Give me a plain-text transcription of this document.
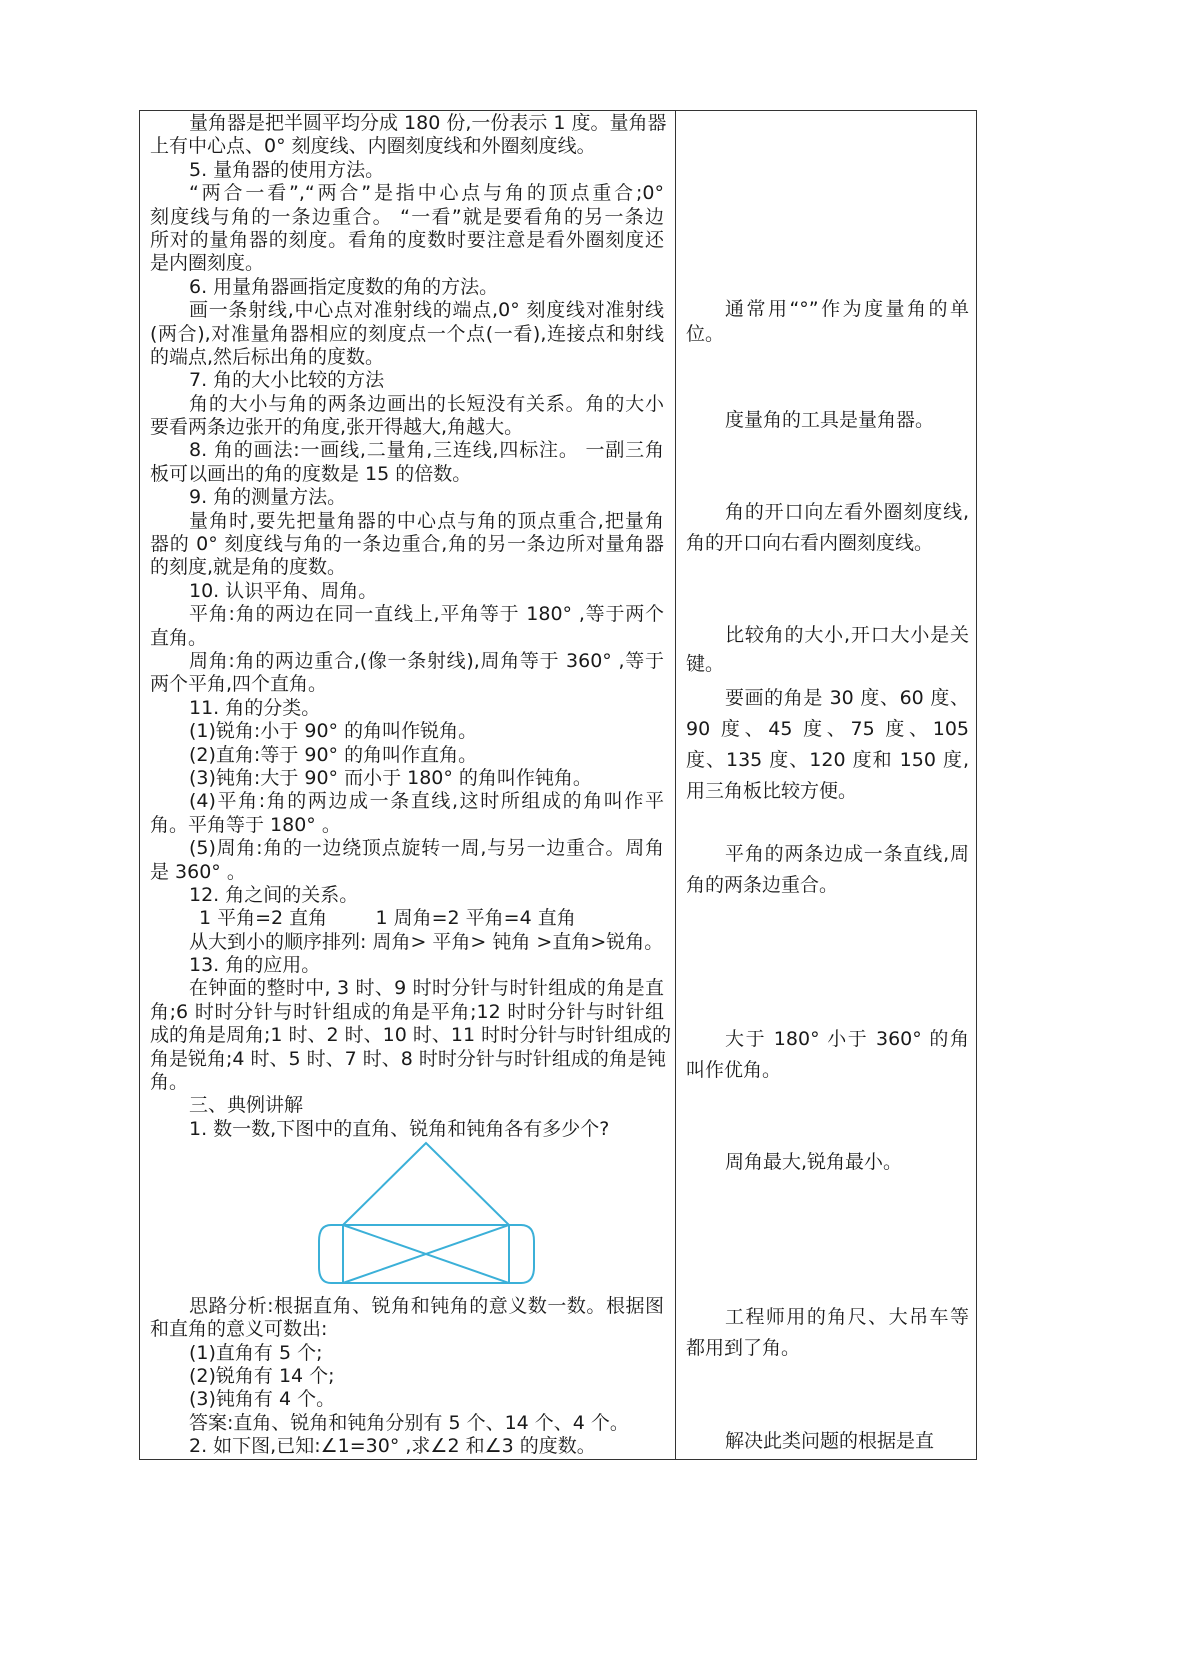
量角器是把半圆平均分成 180 份,一份表示 1 度。量角器
上有中心点、0° 刻度线、内圈刻度线和外圈刻度线。
5. 量角器的使用方法。
“两合一看”,“两合”是指中心点与角的顶点重合;0°
刻度线与角的一条边重合。 “一看”就是要看角的另一条边
所对的量角器的刻度。看角的度数时要注意是看外圈刻度还
是内圈刻度。
6. 用量角器画指定度数的角的方法。
画一条射线,中心点对准射线的端点,0° 刻度线对准射线
(两合),对准量角器相应的刻度点一个点(一看),连接点和射线
的端点,然后标出角的度数。
7. 角的大小比较的方法
角的大小与角的两条边画出的长短没有关系。角的大小
要看两条边张开的角度,张开得越大,角越大。
8. 角的画法:一画线,二量角,三连线,四标注。 一副三角
板可以画出的角的度数是 15 的倍数。
9. 角的测量方法。
量角时,要先把量角器的中心点与角的顶点重合,把量角
器的 0° 刻度线与角的一条边重合,角的另一条边所对量角器
的刻度,就是角的度数。
10. 认识平角、周角。
平角:角的两边在同一直线上,平角等于 180° ,等于两个
直角。
周角:角的两边重合,(像一条射线),周角等于 360° ,等于
两个平角,四个直角。
11. 角的分类。
(1)锐角:小于 90° 的角叫作锐角。
(2)直角:等于 90° 的角叫作直角。
(3)钝角:大于 90° 而小于 180° 的角叫作钝角。
(4)平角:角的两边成一条直线,这时所组成的角叫作平
角。平角等于 180° 。
(5)周角:角的一边绕顶点旋转一周,与另一边重合。周角
是 360° 。
12. 角之间的关系。
1 平角=2 直角        1 周角=2 平角=4 直角
从大到小的顺序排列: 周角> 平角> 钝角 >直角>锐角。
13. 角的应用。
在钟面的整时中, 3 时、9 时时分针与时针组成的角是直
角;6 时时分针与时针组成的角是平角;12 时时分针与时针组
成的角是周角;1 时、2 时、10 时、11 时时分针与时针组成的
角是锐角;4 时、5 时、7 时、8 时时分针与时针组成的角是钝
角。
三、典例讲解
1. 数一数,下图中的直角、锐角和钝角各有多少个?
思路分析:根据直角、锐角和钝角的意义数一数。根据图
和直角的意义可数出:
(1)直角有 5 个;
(2)锐角有 14 个;
(3)钝角有 4 个。
答案:直角、锐角和钝角分别有 5 个、14 个、4 个。
2. 如下图,已知:∠1=30° ,求∠2 和∠3 的度数。
通常用“°”作为度量角的单位。
度量角的工具是量角器。
角的开口向左看外圈刻度线,角的开口向右看内圈刻度线。
比较角的大小,开口大小是关键。
要画的角是 30 度、60 度、90 度、45 度、75 度、105 度、135 度、120 度和 150 度,用三角板比较方便。
平角的两条边成一条直线,周角的两条边重合。
大于 180° 小于 360° 的角叫作优角。
周角最大,锐角最小。
工程师用的角尺、大吊车等都用到了角。
解决此类问题的根据是直
